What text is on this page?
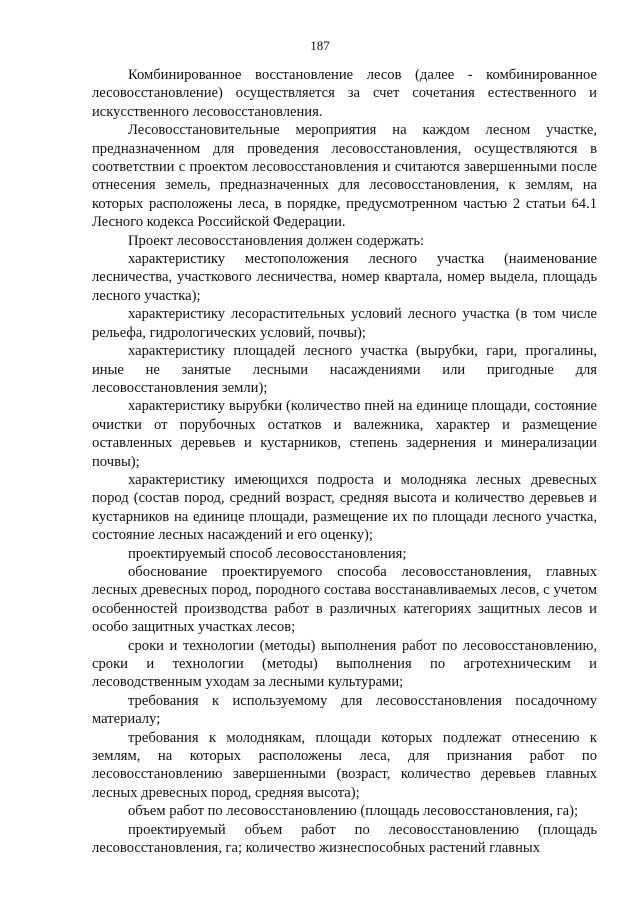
187

Комбинированное восстановление лесов (далее - комбинированное лесовосстановление) осуществляется за счет сочетания естественного и искусственного лесовосстановления.

Лесовосстановительные мероприятия на каждом лесном участке, предназначенном для проведения лесовосстановления, осуществляются в соответствии с проектом лесовосстановления и считаются завершенными после отнесения земель, предназначенных для лесовосстановления, к землям, на которых расположены леса, в порядке, предусмотренном частью 2 статьи 64.1 Лесного кодекса Российской Федерации.

Проект лесовосстановления должен содержать:

характеристику местоположения лесного участка (наименование лесничества, участкового лесничества, номер квартала, номер выдела, площадь лесного участка);

характеристику лесорастительных условий лесного участка (в том числе рельефа, гидрологических условий, почвы);

характеристику площадей лесного участка (вырубки, гари, прогалины, иные не занятые лесными насаждениями или пригодные для лесовосстановления земли);

характеристику вырубки (количество пней на единице площади, состояние очистки от порубочных остатков и валежника, характер и размещение оставленных деревьев и кустарников, степень задернения и минерализации почвы);

характеристику имеющихся подроста и молодняка лесных древесных пород (состав пород, средний возраст, средняя высота и количество деревьев и кустарников на единице площади, размещение их по площади лесного участка, состояние лесных насаждений и его оценку);

проектируемый способ лесовосстановления;

обоснование проектируемого способа лесовосстановления, главных лесных древесных пород, породного состава восстанавливаемых лесов, с учетом особенностей производства работ в различных категориях защитных лесов и особо защитных участках лесов;

сроки и технологии (методы) выполнения работ по лесовосстановлению, сроки и технологии (методы) выполнения по агротехническим и лесоводственным уходам за лесными культурами;

требования к используемому для лесовосстановления посадочному материалу;

требования к молоднякам, площади которых подлежат отнесению к землям, на которых расположены леса, для признания работ по лесовосстановлению завершенными (возраст, количество деревьев главных лесных древесных пород, средняя высота);

объем работ по лесовосстановлению (площадь лесовосстановления, га);

проектируемый объем работ по лесовосстановлению (площадь лесовосстановления, га; количество жизнеспособных растений главных
